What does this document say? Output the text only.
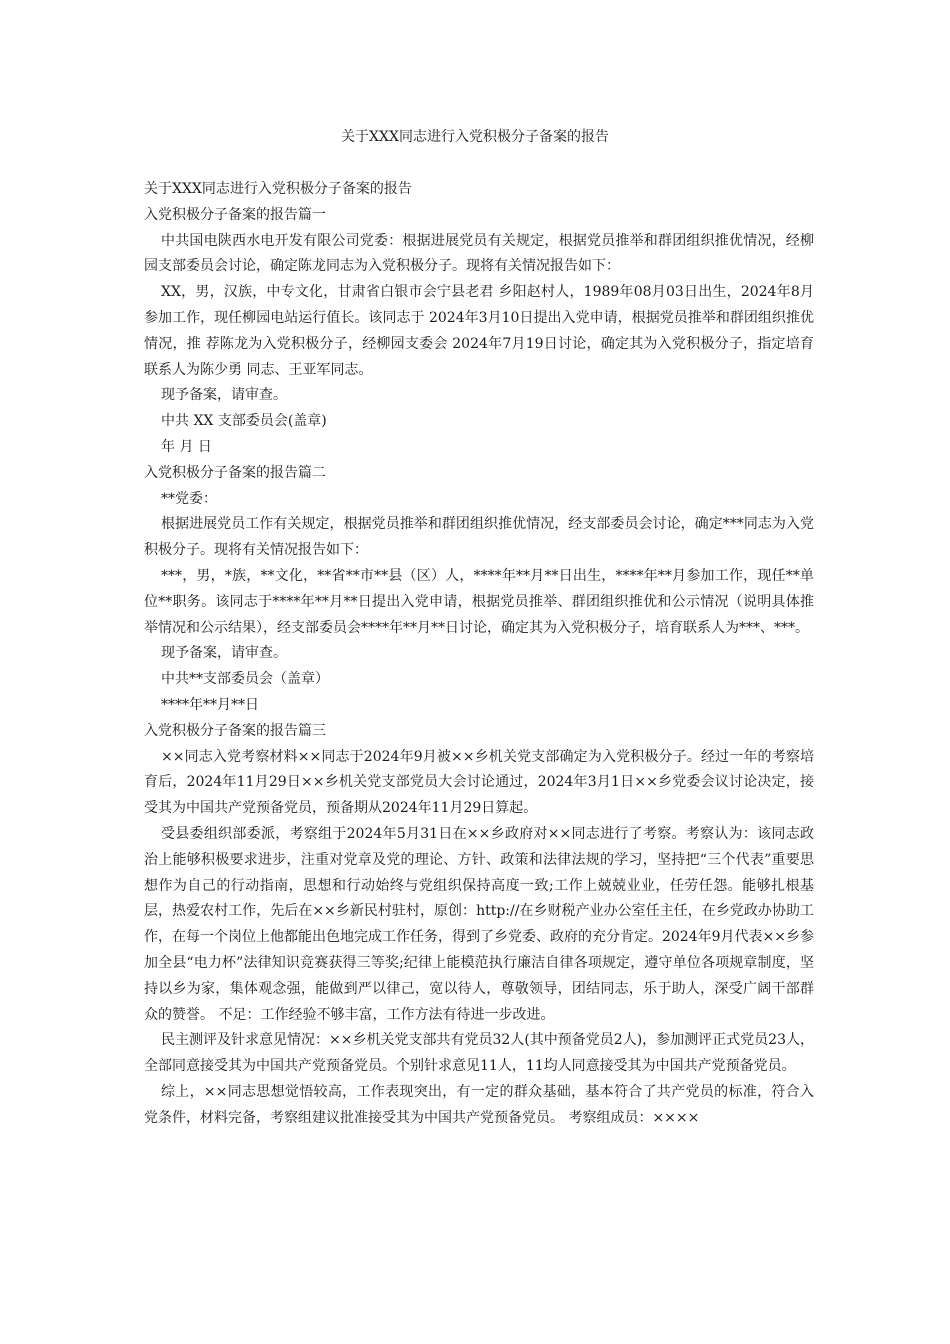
关于XXX同志进行入党积极分子备案的报告

关于XXX同志进行入党积极分子备案的报告

入党积极分子备案的报告篇一

中共国电陕西水电开发有限公司党委：根据进展党员有关规定，根据党员推举和群团组织推优情况，经柳园支部委员会讨论，确定陈龙同志为入党积极分子。现将有关情况报告如下：

XX，男，汉族，中专文化，甘肃省白银市会宁县老君 乡阳赵村人，1989年08月03日出生，2024年8月参加工作，现任柳园电站运行值长。该同志于 2024年3月10日提出入党申请，根据党员推举和群团组织推优情况，推 荐陈龙为入党积极分子，经柳园支委会 2024年7月19日讨论，确定其为入党积极分子，指定培育联系人为陈少勇 同志、王亚军同志。

现予备案，请审查。

中共 XX 支部委员会(盖章)

年 月 日

入党积极分子备案的报告篇二

**党委：

根据进展党员工作有关规定，根据党员推举和群团组织推优情况，经支部委员会讨论，确定***同志为入党积极分子。现将有关情况报告如下：

***，男，*族，**文化，**省**市**县（区）人，****年**月**日出生，****年**月参加工作，现任**单位**职务。该同志于****年**月**日提出入党申请，根据党员推举、群团组织推优和公示情况（说明具体推举情况和公示结果），经支部委员会****年**月**日讨论，确定其为入党积极分子，培育联系人为***、***。

现予备案，请审查。

中共**支部委员会（盖章）

****年**月**日

入党积极分子备案的报告篇三

××同志入党考察材料××同志于2024年9月被××乡机关党支部确定为入党积极分子。经过一年的考察培育后，2024年11月29日××乡机关党支部党员大会讨论通过，2024年3月1日××乡党委会议讨论决定，接受其为中国共产党预备党员，预备期从2024年11月29日算起。

受县委组织部委派，考察组于2024年5月31日在××乡政府对××同志进行了考察。考察认为：该同志政治上能够积极要求进步，注重对党章及党的理论、方针、政策和法律法规的学习，坚持把“三个代表”重要思想作为自己的行动指南，思想和行动始终与党组织保持高度一致;工作上兢兢业业，任劳任怨。能够扎根基层，热爱农村工作，先后在××乡新民村驻村，原创：http://在乡财税产业办公室任主任，在乡党政办协助工作，在每一个岗位上他都能出色地完成工作任务，得到了乡党委、政府的充分肯定。2024年9月代表××乡参加全县“电力杯”法律知识竞赛获得三等奖;纪律上能模范执行廉洁自律各项规定，遵守单位各项规章制度，坚持以乡为家，集体观念强，能做到严以律己，宽以待人，尊敬领导，团结同志，乐于助人，深受广阔干部群众的赞誉。 不足：工作经验不够丰富，工作方法有待进一步改进。

民主测评及针求意见情况：××乡机关党支部共有党员32人(其中预备党员2人)，参加测评正式党员23人，全部同意接受其为中国共产党预备党员。个别针求意见11人，11均人同意接受其为中国共产党预备党员。

综上，××同志思想觉悟较高，工作表现突出，有一定的群众基础，基本符合了共产党员的标准，符合入党条件，材料完备，考察组建议批准接受其为中国共产党预备党员。 考察组成员：××××
